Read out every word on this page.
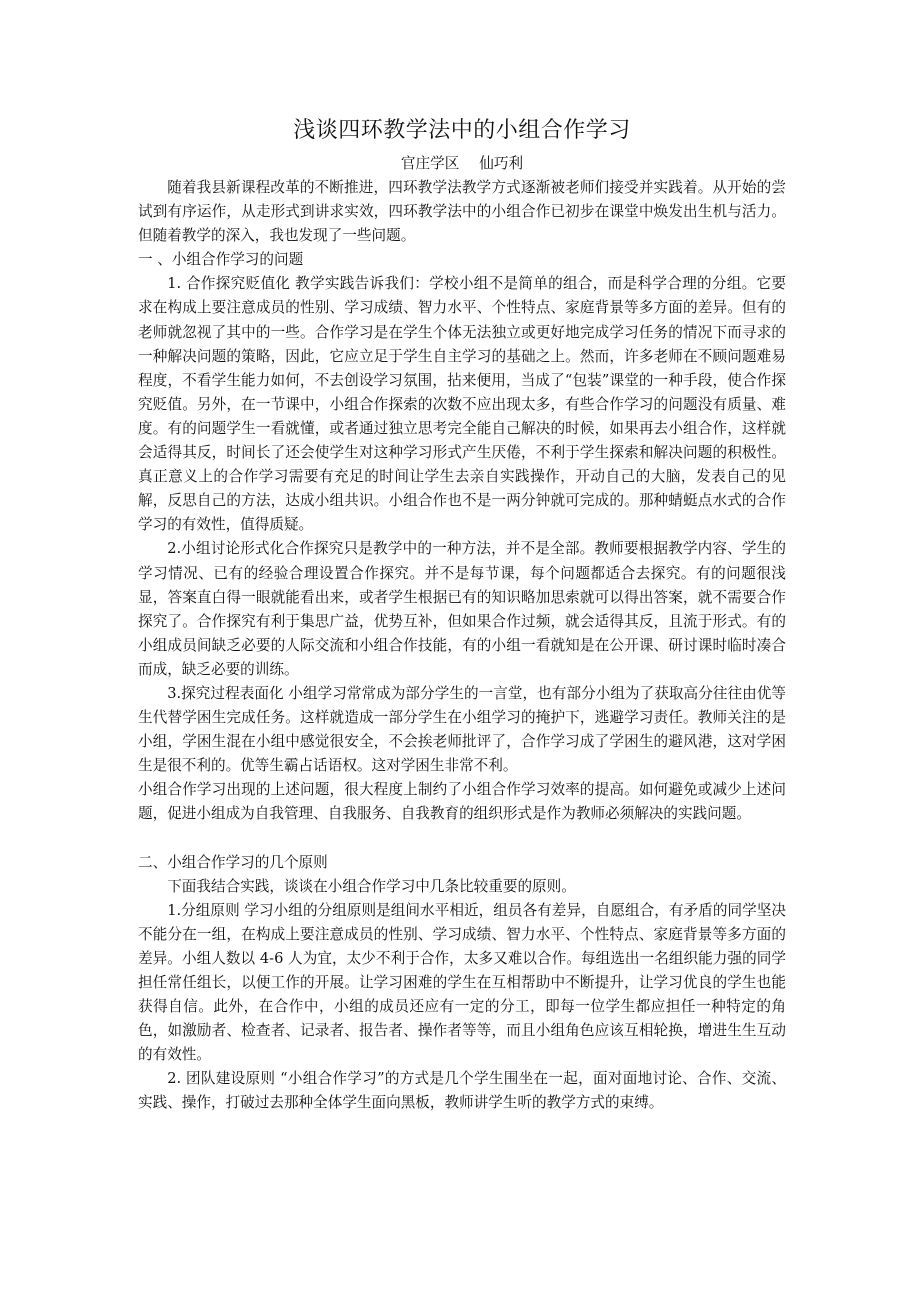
浅谈四环教学法中的小组合作学习

官庄学区 仙巧利

随着我县新课程改革的不断推进，四环教学法教学方式逐渐被老师们接受并实践着。从开始的尝试到有序运作，从走形式到讲求实效，四环教学法中的小组合作已初步在课堂中焕发出生机与活力。但随着教学的深入，我也发现了一些问题。

一 、小组合作学习的问题

1. 合作探究贬值化 教学实践告诉我们：学校小组不是简单的组合，而是科学合理的分组。它要求在构成上要注意成员的性别、学习成绩、智力水平、个性特点、家庭背景等多方面的差异。但有的老师就忽视了其中的一些。合作学习是在学生个体无法独立或更好地完成学习任务的情况下而寻求的一种解决问题的策略，因此，它应立足于学生自主学习的基础之上。然而，许多老师在不顾问题难易程度，不看学生能力如何，不去创设学习氛围，拈来便用，当成了“包装”课堂的一种手段，使合作探究贬值。另外，在一节课中，小组合作探索的次数不应出现太多，有些合作学习的问题没有质量、难度。有的问题学生一看就懂，或者通过独立思考完全能自己解决的时候，如果再去小组合作，这样就会适得其反，时间长了还会使学生对这种学习形式产生厌倦，不利于学生探索和解决问题的积极性。真正意义上的合作学习需要有充足的时间让学生去亲自实践操作，开动自己的大脑，发表自己的见解，反思自己的方法，达成小组共识。小组合作也不是一两分钟就可完成的。那种蜻蜓点水式的合作学习的有效性，值得质疑。

2.小组讨论形式化合作探究只是教学中的一种方法，并不是全部。教师要根据教学内容、学生的学习情况、已有的经验合理设置合作探究。并不是每节课，每个问题都适合去探究。有的问题很浅显，答案直白得一眼就能看出来，或者学生根据已有的知识略加思索就可以得出答案，就不需要合作探究了。合作探究有利于集思广益，优势互补，但如果合作过频，就会适得其反，且流于形式。有的小组成员间缺乏必要的人际交流和小组合作技能，有的小组一看就知是在公开课、研讨课时临时凑合而成，缺乏必要的训练。

3.探究过程表面化 小组学习常常成为部分学生的一言堂，也有部分小组为了获取高分往往由优等生代替学困生完成任务。这样就造成一部分学生在小组学习的掩护下，逃避学习责任。教师关注的是小组，学困生混在小组中感觉很安全，不会挨老师批评了，合作学习成了学困生的避风港，这对学困生是很不利的。优等生霸占话语权。这对学困生非常不利。

小组合作学习出现的上述问题，很大程度上制约了小组合作学习效率的提高。如何避免或减少上述问题，促进小组成为自我管理、自我服务、自我教育的组织形式是作为教师必须解决的实践问题。

二、小组合作学习的几个原则

下面我结合实践，谈谈在小组合作学习中几条比较重要的原则。

1.分组原则 学习小组的分组原则是组间水平相近，组员各有差异，自愿组合，有矛盾的同学坚决不能分在一组，在构成上要注意成员的性别、学习成绩、智力水平、个性特点、家庭背景等多方面的差异。小组人数以 4-6 人为宜，太少不利于合作，太多又难以合作。每组选出一名组织能力强的同学担任常任组长，以便工作的开展。让学习困难的学生在互相帮助中不断提升，让学习优良的学生也能获得自信。此外，在合作中，小组的成员还应有一定的分工，即每一位学生都应担任一种特定的角色，如激励者、检查者、记录者、报告者、操作者等等，而且小组角色应该互相轮换，增进生生互动的有效性。

2. 团队建设原则 “小组合作学习”的方式是几个学生围坐在一起，面对面地讨论、合作、交流、实践、操作，打破过去那种全体学生面向黑板，教师讲学生听的教学方式的束缚。
